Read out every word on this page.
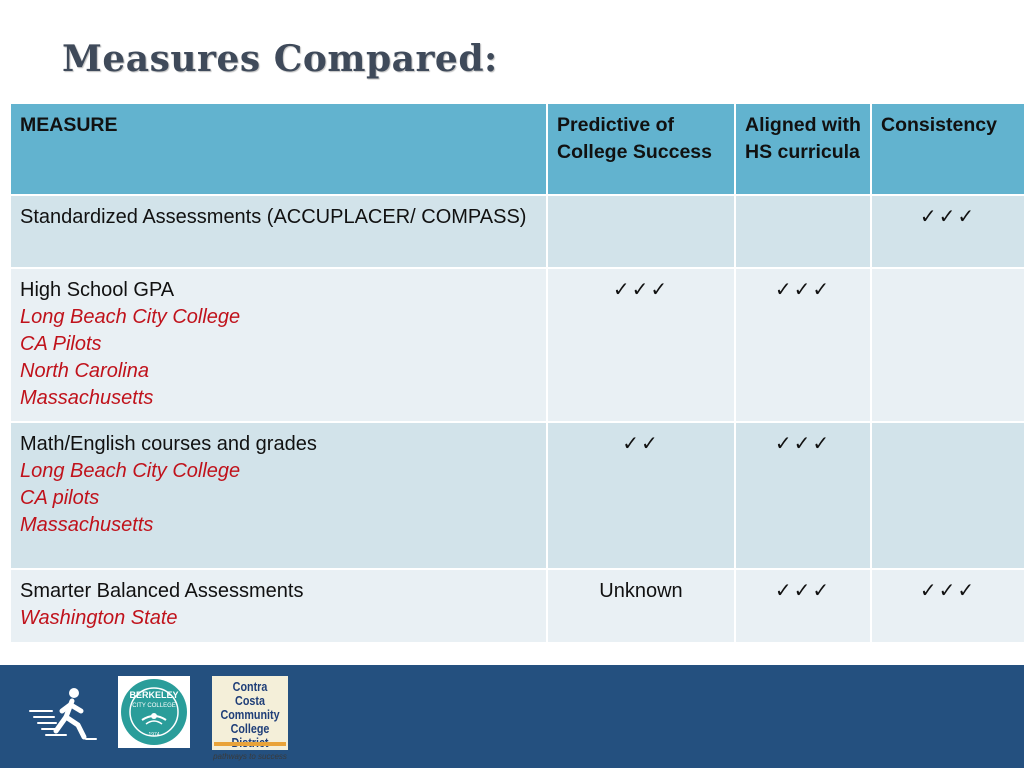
Measures Compared:
MEASURE	Predictive of College Success	Aligned with HS curricula	Consistency
Standardized Assessments (ACCUPLACER/ COMPASS)			✓✓✓
High School GPA
Long Beach City College
CA Pilots
North Carolina
Massachusetts	✓✓✓	✓✓✓	
Math/English courses and grades
Long Beach City College
CA pilots
Massachusetts	✓✓	✓✓✓	
Smarter Balanced Assessments
Washington State	Unknown	✓✓✓	✓✓✓
BERKELEY
CITY COLLEGE
1974
Contra Costa
Community
College
pathways to success
